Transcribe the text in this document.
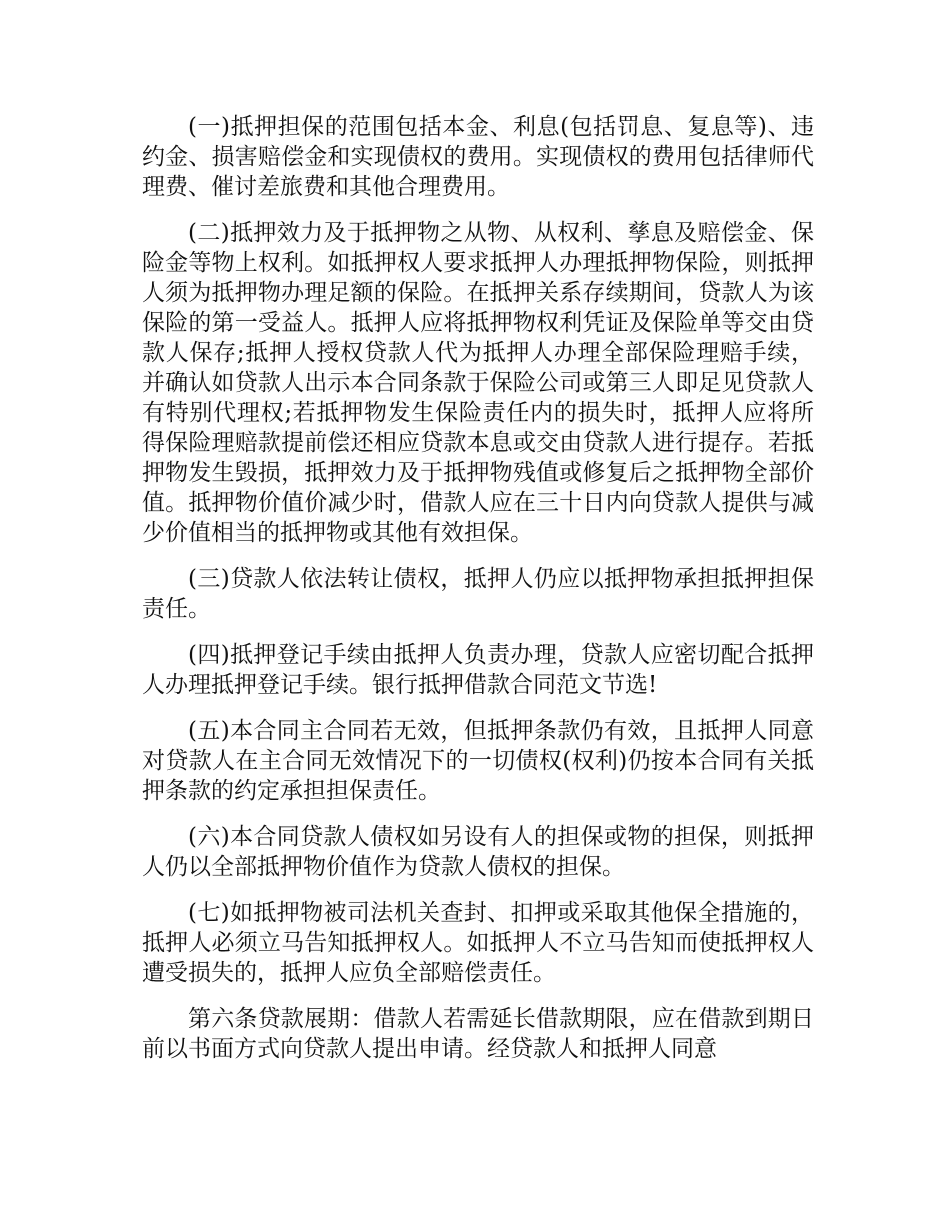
(一)抵押担保的范围包括本金、利息(包括罚息、复息等)、违约金、损害赔偿金和实现债权的费用。实现债权的费用包括律师代理费、催讨差旅费和其他合理费用。

(二)抵押效力及于抵押物之从物、从权利、孳息及赔偿金、保险金等物上权利。如抵押权人要求抵押人办理抵押物保险，则抵押人须为抵押物办理足额的保险。在抵押关系存续期间，贷款人为该保险的第一受益人。抵押人应将抵押物权利凭证及保险单等交由贷款人保存;抵押人授权贷款人代为抵押人办理全部保险理赔手续，并确认如贷款人出示本合同条款于保险公司或第三人即足见贷款人有特别代理权;若抵押物发生保险责任内的损失时，抵押人应将所得保险理赔款提前偿还相应贷款本息或交由贷款人进行提存。若抵押物发生毁损，抵押效力及于抵押物残值或修复后之抵押物全部价值。抵押物价值价减少时，借款人应在三十日内向贷款人提供与减少价值相当的抵押物或其他有效担保。

(三)贷款人依法转让债权，抵押人仍应以抵押物承担抵押担保责任。

(四)抵押登记手续由抵押人负责办理，贷款人应密切配合抵押人办理抵押登记手续。银行抵押借款合同范文节选!

(五)本合同主合同若无效，但抵押条款仍有效，且抵押人同意对贷款人在主合同无效情况下的一切债权(权利)仍按本合同有关抵押条款的约定承担担保责任。

(六)本合同贷款人债权如另设有人的担保或物的担保，则抵押人仍以全部抵押物价值作为贷款人债权的担保。

(七)如抵押物被司法机关查封、扣押或采取其他保全措施的，抵押人必须立马告知抵押权人。如抵押人不立马告知而使抵押权人遭受损失的，抵押人应负全部赔偿责任。

第六条贷款展期：借款人若需延长借款期限，应在借款到期日前以书面方式向贷款人提出申请。经贷款人和抵押人同意
